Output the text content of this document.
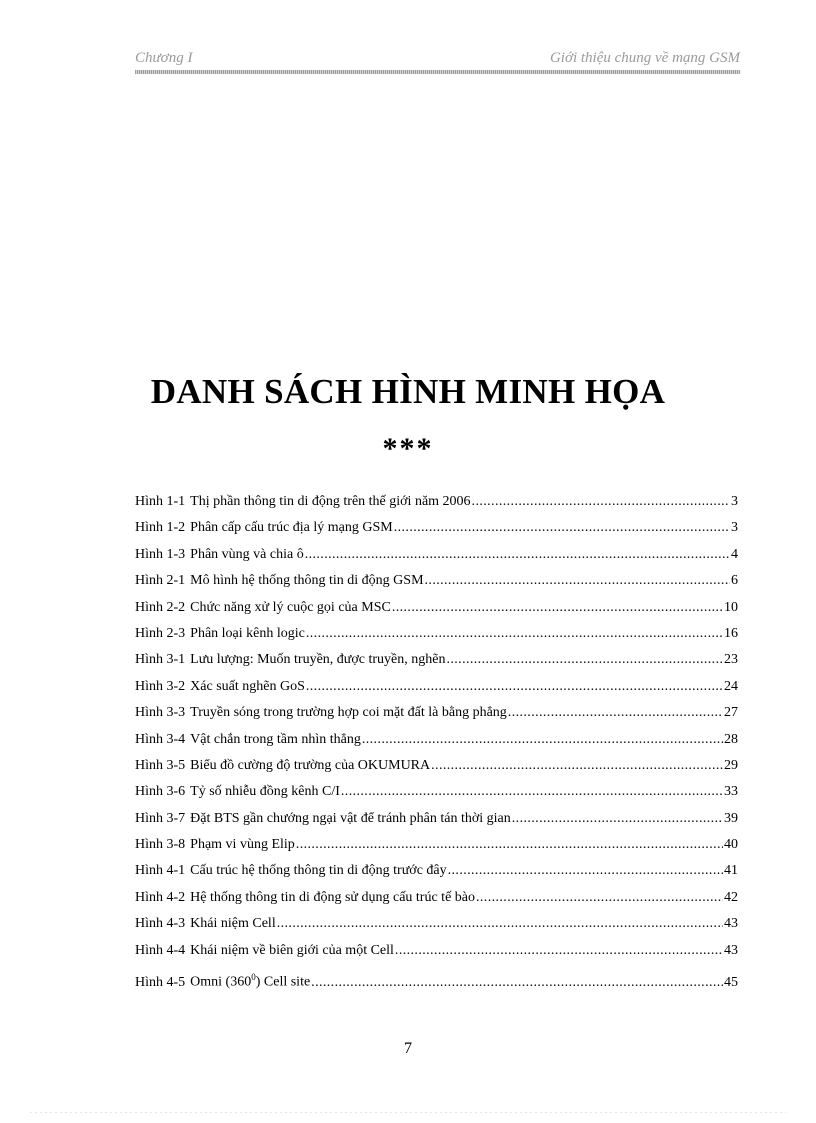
Chương I	Giới thiệu chung về mạng GSM
DANH SÁCH HÌNH MINH HỌA
***
Hình 1-1 Thị phần thông tin di động trên thế giới năm 2006 .....	3
Hình 1-2 Phân cấp cấu trúc địa lý mạng GSM .....	3
Hình 1-3 Phân vùng và chia ô .....	4
Hình 2-1 Mô hình hệ thống thông tin di động GSM .....	6
Hình 2-2 Chức năng xử lý cuộc gọi của MSC .....	10
Hình 2-3 Phân loại kênh logic .....	16
Hình 3-1 Lưu lượng: Muốn truyền, được truyền, nghẽn .....	23
Hình 3-2 Xác suất nghẽn GoS .....	24
Hình 3-3 Truyền sóng trong trường hợp coi mặt đất là bằng phẳng .....	27
Hình 3-4 Vật chắn trong tầm nhìn thẳng .....	28
Hình 3-5 Biểu đồ cường độ trường của OKUMURA .....	29
Hình 3-6 Tỷ số nhiễu đồng kênh C/I .....	33
Hình 3-7 Đặt BTS gần chướng ngại vật để tránh phân tán thời gian .....	39
Hình 3-8 Phạm vi vùng Elip .....	40
Hình 4-1 Cấu trúc hệ thống thông tin di động trước đây .....	41
Hình 4-2 Hệ thống thông tin di động sử dụng cấu trúc tế bào .....	42
Hình 4-3 Khái niệm Cell .....	43
Hình 4-4 Khái niệm về biên giới của một Cell .....	43
Hình 4-5 Omni $(360^0)$ Cell site .....	45
7
